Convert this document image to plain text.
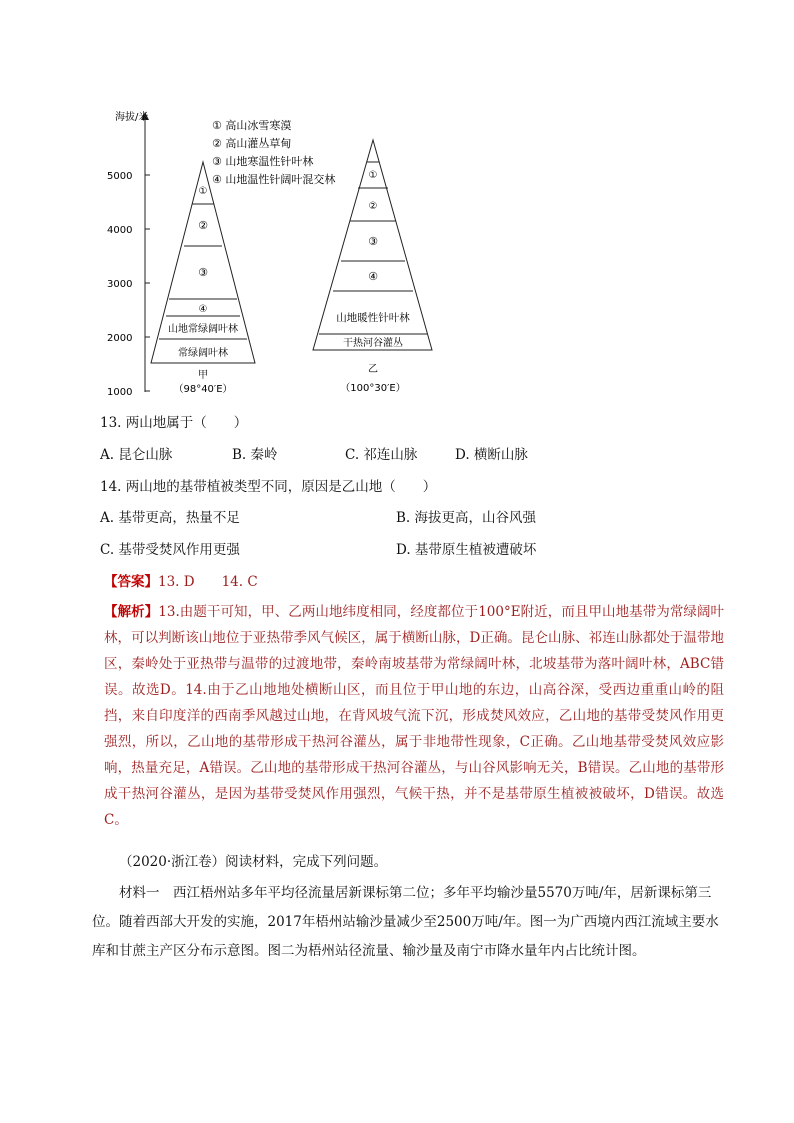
海拔/米
5000
4000
3000
2000
1000
① 高山冰雪寒漠
② 高山灌丛草甸
③ 山地寒温性针叶林
④ 山地温性针阔叶混交林
①
②
③
④
山地常绿阔叶林
常绿阔叶林
甲
（98°40′E）
①
②
③
④
山地暖性针叶林
干热河谷灌丛
乙
（100°30′E）
13. 两山地属于（　　）
A. 昆仑山脉	B. 秦岭	C. 祁连山脉	D. 横断山脉
14. 两山地的基带植被类型不同，原因是乙山地（　　）
A. 基带更高，热量不足	B. 海拔更高，山谷风强
C. 基带受焚风作用更强	D. 基带原生植被遭破坏
【答案】13. D　　14. C
【解析】13.由题干可知，甲、乙两山地纬度相同，经度都位于100°E附近，而且甲山地基带为常绿阔叶林，可以判断该山地位于亚热带季风气候区，属于横断山脉，D正确。昆仑山脉、祁连山脉都处于温带地区，秦岭处于亚热带与温带的过渡地带，秦岭南坡基带为常绿阔叶林，北坡基带为落叶阔叶林，ABC错误。故选D。14.由于乙山地地处横断山区，而且位于甲山地的东边，山高谷深，受西边重重山岭的阻挡，来自印度洋的西南季风越过山地，在背风坡气流下沉，形成焚风效应，乙山地的基带受焚风作用更强烈，所以，乙山地的基带形成干热河谷灌丛，属于非地带性现象，C正确。乙山地基带受焚风效应影响，热量充足，A错误。乙山地的基带形成干热河谷灌丛，与山谷风影响无关，B错误。乙山地的基带形成干热河谷灌丛，是因为基带受焚风作用强烈，气候干热，并不是基带原生植被被破坏，D错误。故选C。
（2020·浙江卷）阅读材料，完成下列问题。
材料一　西江梧州站多年平均径流量居新课标第二位；多年平均输沙量5570万吨/年，居新课标第三位。随着西部大开发的实施，2017年梧州站输沙量减少至2500万吨/年。图一为广西境内西江流域主要水库和甘蔗主产区分布示意图。图二为梧州站径流量、输沙量及南宁市降水量年内占比统计图。
